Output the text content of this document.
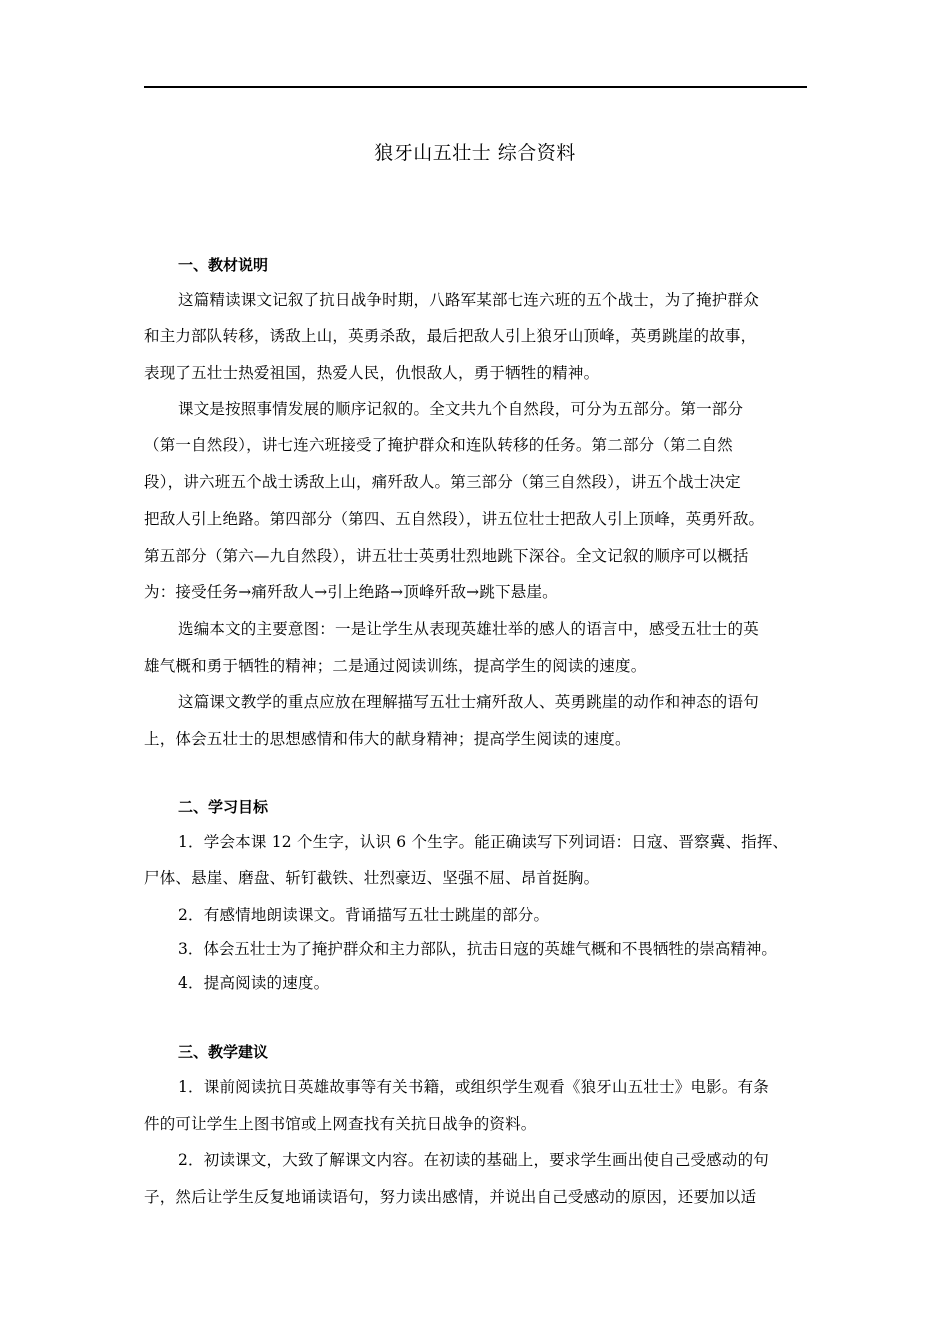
狼牙山五壮士 综合资料
一、教材说明
这篇精读课文记叙了抗日战争时期，八路军某部七连六班的五个战士，为了掩护群众
和主力部队转移，诱敌上山，英勇杀敌，最后把敌人引上狼牙山顶峰，英勇跳崖的故事，
表现了五壮士热爱祖国，热爱人民，仇恨敌人，勇于牺牲的精神。
课文是按照事情发展的顺序记叙的。全文共九个自然段，可分为五部分。第一部分
（第一自然段），讲七连六班接受了掩护群众和连队转移的任务。第二部分（第二自然
段），讲六班五个战士诱敌上山，痛歼敌人。第三部分（第三自然段），讲五个战士决定
把敌人引上绝路。第四部分（第四、五自然段），讲五位壮士把敌人引上顶峰，英勇歼敌。
第五部分（第六—九自然段），讲五壮士英勇壮烈地跳下深谷。全文记叙的顺序可以概括
为：接受任务→痛歼敌人→引上绝路→顶峰歼敌→跳下悬崖。
选编本文的主要意图：一是让学生从表现英雄壮举的感人的语言中，感受五壮士的英
雄气概和勇于牺牲的精神；二是通过阅读训练，提高学生的阅读的速度。
这篇课文教学的重点应放在理解描写五壮士痛歼敌人、英勇跳崖的动作和神态的语句
上，体会五壮士的思想感情和伟大的献身精神；提高学生阅读的速度。
二、学习目标
1．学会本课 12 个生字，认识 6 个生字。能正确读写下列词语：日寇、晋察冀、指挥、
尸体、悬崖、磨盘、斩钉截铁、壮烈豪迈、坚强不屈、昂首挺胸。
2．有感情地朗读课文。背诵描写五壮士跳崖的部分。
3．体会五壮士为了掩护群众和主力部队，抗击日寇的英雄气概和不畏牺牲的崇高精神。
4．提高阅读的速度。
三、教学建议
1．课前阅读抗日英雄故事等有关书籍，或组织学生观看《狼牙山五壮士》电影。有条
件的可让学生上图书馆或上网查找有关抗日战争的资料。
2．初读课文，大致了解课文内容。在初读的基础上，要求学生画出使自己受感动的句
子，然后让学生反复地诵读语句，努力读出感情，并说出自己受感动的原因，还要加以适
